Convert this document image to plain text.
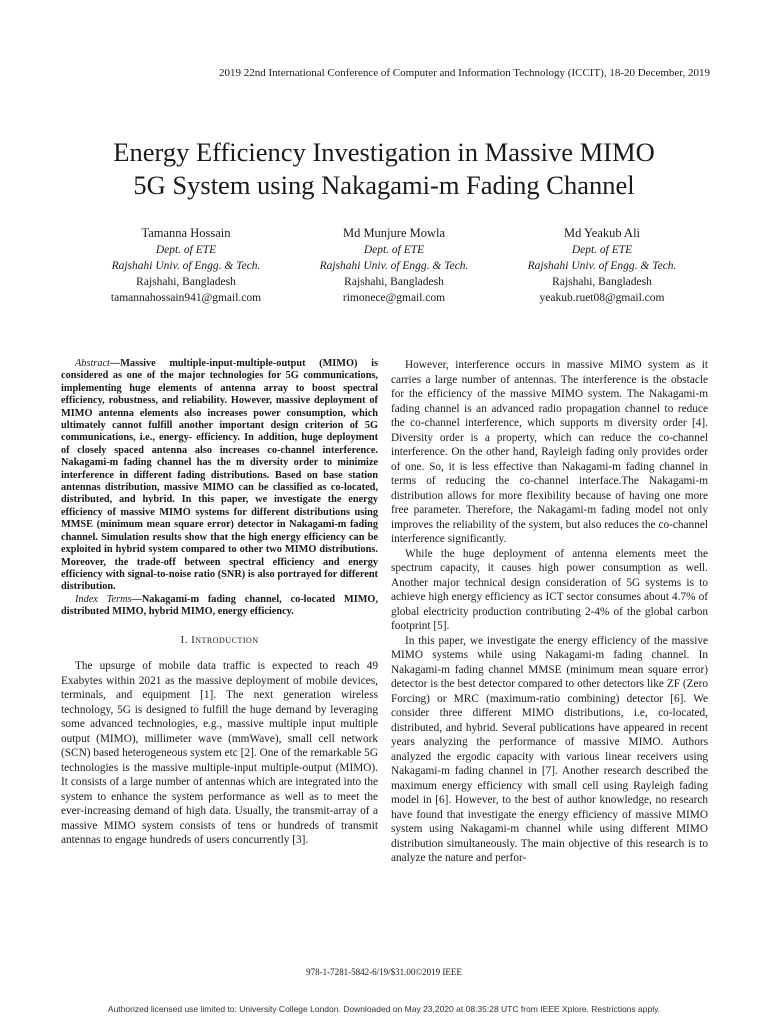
2019 22nd International Conference of Computer and Information Technology (ICCIT), 18-20 December, 2019
Energy Efficiency Investigation in Massive MIMO
5G System using Nakagami-m Fading Channel
Tamanna Hossain
Dept. of ETE
Rajshahi Univ. of Engg. & Tech.
Rajshahi, Bangladesh
tamannahossain941@gmail.com
Md Munjure Mowla
Dept. of ETE
Rajshahi Univ. of Engg. & Tech.
Rajshahi, Bangladesh
rimonece@gmail.com
Md Yeakub Ali
Dept. of ETE
Rajshahi Univ. of Engg. & Tech.
Rajshahi, Bangladesh
yeakub.ruet08@gmail.com

Abstract—Massive multiple-input-multiple-output (MIMO) is considered as one of the major technologies for 5G communications, implementing huge elements of antenna array to boost spectral efficiency, robustness, and reliability. However, massive deployment of MIMO antenna elements also increases power consumption, which ultimately cannot fulfill another important design criterion of 5G communications, i.e., energy- efficiency. In addition, huge deployment of closely spaced antenna also increases co-channel interference. Nakagami-m fading channel has the m diversity order to minimize interference in different fading distributions. Based on base station antennas distribution, massive MIMO can be classified as co-located, distributed, and hybrid. In this paper, we investigate the energy efficiency of massive MIMO systems for different distributions using MMSE (minimum mean square error) detector in Nakagami-m fading channel. Simulation results show that the high energy efficiency can be exploited in hybrid system compared to other two MIMO distributions. Moreover, the trade-off between spectral efficiency and energy efficiency with signal-to-noise ratio (SNR) is also portrayed for different distribution.

Index Terms—Nakagami-m fading channel, co-located MIMO, distributed MIMO, hybrid MIMO, energy efficiency.

I. Introduction

The upsurge of mobile data traffic is expected to reach 49 Exabytes within 2021 as the massive deployment of mobile devices, terminals, and equipment [1]. The next generation wireless technology, 5G is designed to fulfill the huge demand by leveraging some advanced technologies, e.g., massive multiple input multiple output (MIMO), millimeter wave (mmWave), small cell network (SCN) based heterogeneous system etc [2]. One of the remarkable 5G technologies is the massive multiple-input multiple-output (MIMO). It consists of a large number of antennas which are integrated into the system to enhance the system performance as well as to meet the ever-increasing demand of high data. Usually, the transmit-array of a massive MIMO system consists of tens or hundreds of transmit antennas to engage hundreds of users concurrently [3].

However, interference occurs in massive MIMO system as it carries a large number of antennas. The interference is the obstacle for the efficiency of the massive MIMO system. The Nakagami-m fading channel is an advanced radio propagation channel to reduce the co-channel interference, which supports m diversity order [4]. Diversity order is a property, which can reduce the co-channel interference. On the other hand, Rayleigh fading only provides order of one. So, it is less effective than Nakagami-m fading channel in terms of reducing the co-channel interface.The Nakagami-m distribution allows for more flexibility because of having one more free parameter. Therefore, the Nakagami-m fading model not only improves the reliability of the system, but also reduces the co-channel interference significantly.

While the huge deployment of antenna elements meet the spectrum capacity, it causes high power consumption as well. Another major technical design consideration of 5G systems is to achieve high energy efficiency as ICT sector consumes about 4.7% of global electricity production contributing 2-4% of the global carbon footprint [5].

In this paper, we investigate the energy efficiency of the massive MIMO systems while using Nakagami-m fading channel. In Nakagami-m fading channel MMSE (minimum mean square error) detector is the best detector compared to other detectors like ZF (Zero Forcing) or MRC (maximum-ratio combining) detector [6]. We consider three different MIMO distributions, i.e, co-located, distributed, and hybrid. Several publications have appeared in recent years analyzing the performance of massive MIMO. Authors analyzed the ergodic capacity with various linear receivers using Nakagami-m fading channel in [7]. Another research described the maximum energy efficiency with small cell using Rayleigh fading model in [6]. However, to the best of author knowledge, no research have found that investigate the energy efficiency of massive MIMO system using Nakagami-m channel while using different MIMO distribution simultaneously. The main objective of this research is to analyze the nature and perfor-

978-1-7281-5842-6/19/$31.00©2019 IEEE
Authorized licensed use limited to: University College London. Downloaded on May 23,2020 at 08:35:28 UTC from IEEE Xplore. Restrictions apply.
